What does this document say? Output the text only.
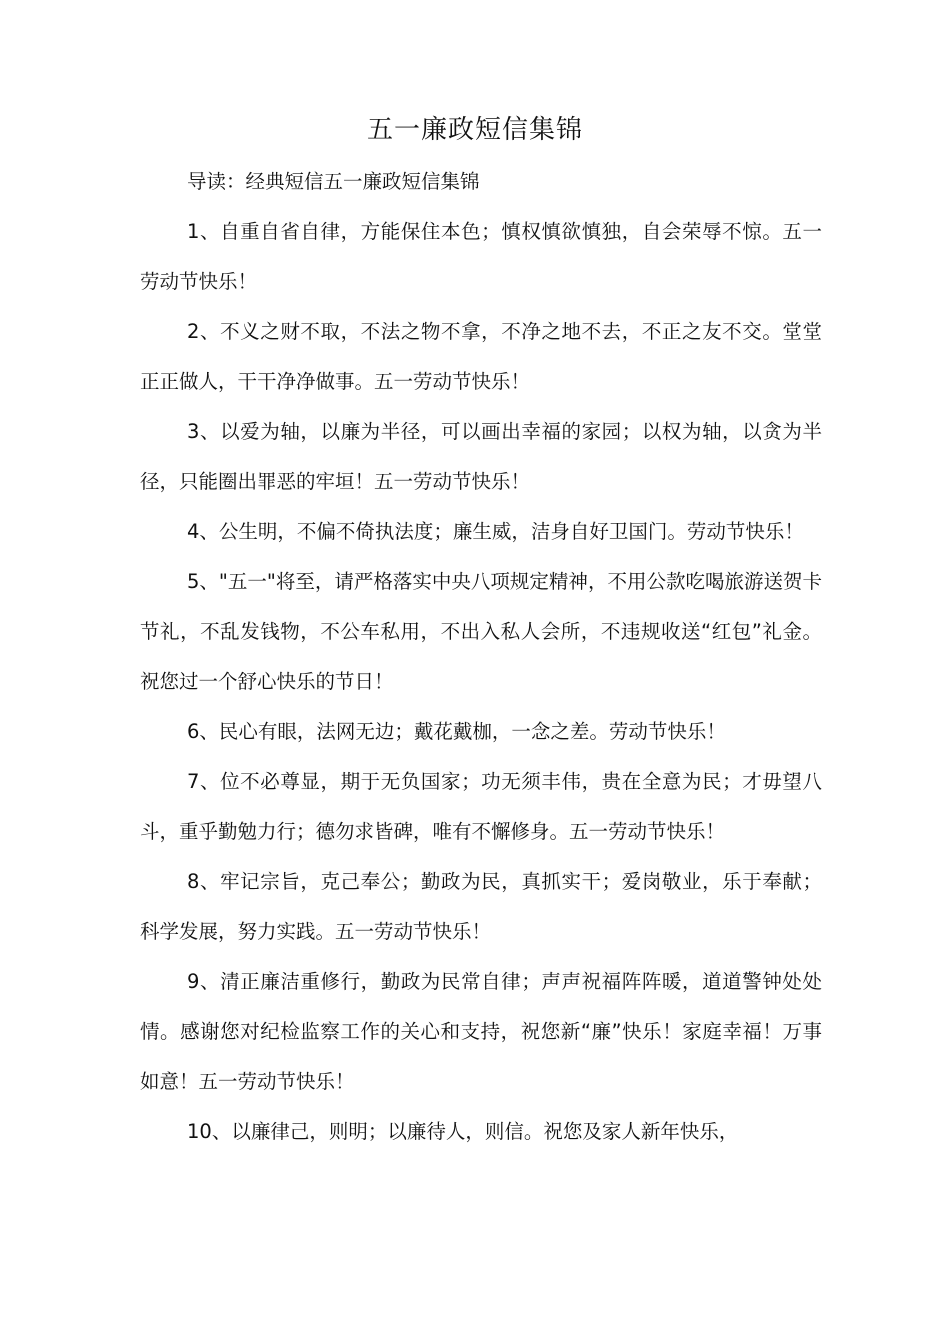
五一廉政短信集锦

导读：经典短信五一廉政短信集锦

1、自重自省自律，方能保住本色；慎权慎欲慎独，自会荣辱不惊。五一劳动节快乐！

2、不义之财不取，不法之物不拿，不净之地不去，不正之友不交。堂堂正正做人，干干净净做事。五一劳动节快乐！

3、以爱为轴，以廉为半径，可以画出幸福的家园；以权为轴，以贪为半径，只能圈出罪恶的牢垣！五一劳动节快乐！

4、公生明，不偏不倚执法度；廉生威，洁身自好卫国门。劳动节快乐！

5、"五一"将至，请严格落实中央八项规定精神，不用公款吃喝旅游送贺卡节礼，不乱发钱物，不公车私用，不出入私人会所，不违规收送“红包”礼金。祝您过一个舒心快乐的节日！

6、民心有眼，法网无边；戴花戴枷，一念之差。劳动节快乐！

7、位不必尊显，期于无负国家；功无须丰伟，贵在全意为民；才毋望八斗，重乎勤勉力行；德勿求皆碑，唯有不懈修身。五一劳动节快乐！

8、牢记宗旨，克己奉公；勤政为民，真抓实干；爱岗敬业，乐于奉献；科学发展，努力实践。五一劳动节快乐！

9、清正廉洁重修行，勤政为民常自律；声声祝福阵阵暖，道道警钟处处情。感谢您对纪检监察工作的关心和支持，祝您新“廉”快乐！家庭幸福！万事如意！五一劳动节快乐！

10、以廉律己，则明；以廉待人，则信。祝您及家人新年快乐，
